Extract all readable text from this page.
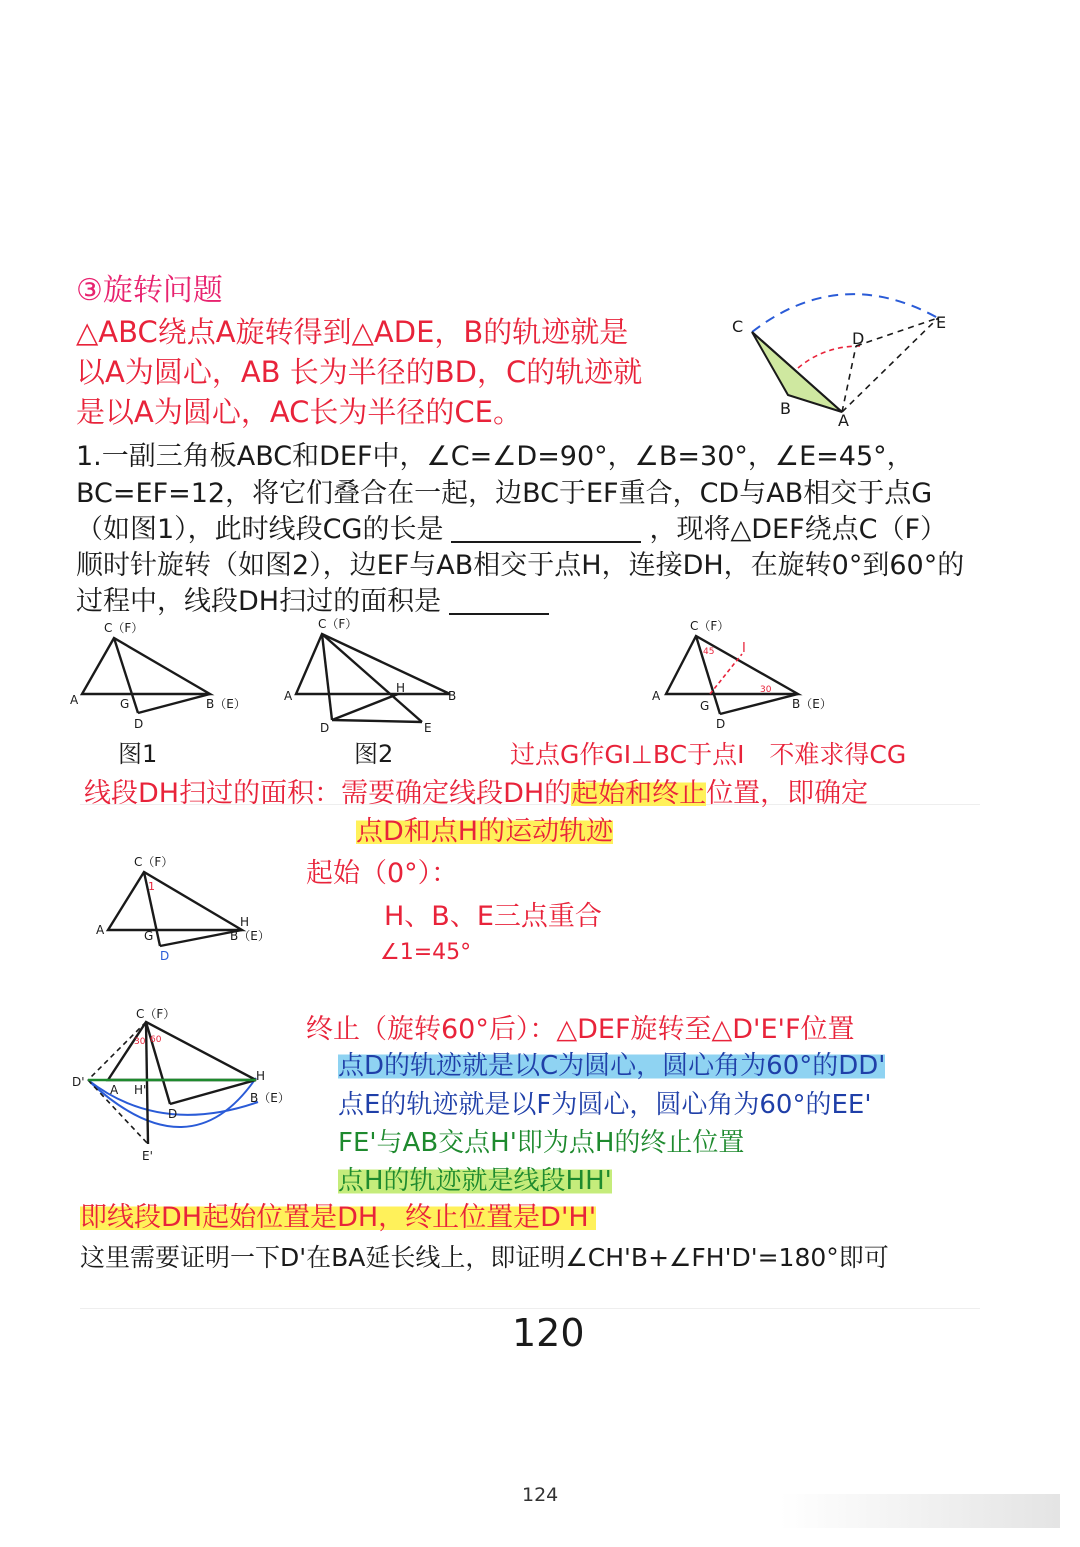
③旋转问题
△ABC绕点A旋转得到△ADE，B的轨迹就是
以A为圆心，AB 长为半径的BD，C的轨迹就
是以A为圆心，AC长为半径的CE。
C
D
E
B
A
1.一副三角板ABC和DEF中，∠C=∠D=90°，∠B=30°，∠E=45°，
BC=EF=12，将它们叠合在一起，边BC于EF重合，CD与AB相交于点G
（如图1），此时线段CG的长是	，现将△DEF绕点C（F）
顺时针旋转（如图2），边EF与AB相交于点H，连接DH，在旋转0°到60°的
过程中，线段DH扫过的面积是
C（F）
A	G
D
B（E）
C（F）
A
H
B
D	E
C（F）
I
45
30
A
G
D
B（E）
图1	图2	过点G作GI⊥BC于点I　不难求得CG
线段DH扫过的面积：需要确定线段DH的起始和终止位置，即确定
点D和点H的运动轨迹
C（F）
1
H
A	G
D
B（E）
起始（0°）：
H、B、E三点重合
∠1=45°
C（F）
30 60
D'
A H'
H
D
B（E）
E'
终止（旋转60°后）：△DEF旋转至△D'E'F位置
点D的轨迹就是以C为圆心，圆心角为60°的DD'
点E的轨迹就是以F为圆心，圆心角为60°的EE'
FE'与AB交点H'即为点H的终止位置
点H的轨迹就是线段HH'
即线段DH起始位置是DH，终止位置是D'H'
这里需要证明一下D'在BA延长线上，即证明∠CH'B+∠FH'D'=180°即可
120
124
